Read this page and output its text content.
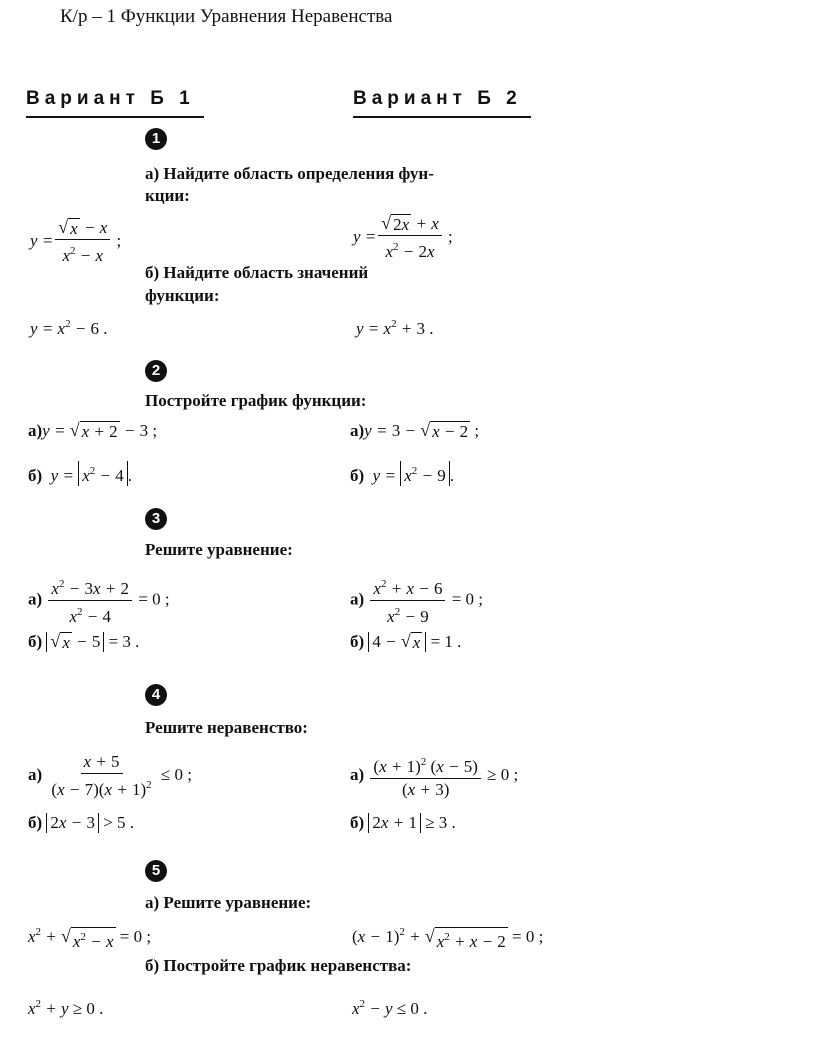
К/р – 1 Функции Уравнения Неравенства
Вариант Б 1	Вариант Б 2
1
а) Найдите область определения фун-
кции:
$y = \frac{√ x - x}{x^2 - x}$ ;	$y = \frac{√ 2x + x}{x^2 - 2x}$ ;
б) Найдите область значений
функции:
$y = x^2 - 6$ .	$y = x^2 + 3$ .
2
Постройте график функции:
а)y = √ x + 2 − 3 ;	а)y = 3 − √ x − 2 ;
б)  $y = x^2 - 4$ .	б)  $y = x^2 - 9$ .
3
Решите уравнение:
$а) \frac{x^2 - 3x + 2}{x^2 - 4} = 0$ ;	$а) \frac{x^2 + x - 6}{x^2 - 9} = 0$ ;
б) √ x − 5 = 3 .	б) 4 − √ x = 1 .
4
Решите неравенство:
$а) \frac{x + 5}{(x - 7)(x + 1)^2} \le 0$ ;	$а) \frac{(x + 1)^2 (x - 5)}{(x + 3)} \ge 0$ ;
б) 2x − 3 > 5 .	б) 2x + 1 ≥ 3 .
5
а) Решите уравнение:
$x^2$ + √ $x^2 - x = 0$ ;	$(x - 1)^2$ + √ $x^2 + x - 2 = 0$ ;
б) Постройте график неравенства:
$x^2 + y \ge 0$ .	$x^2 - y \le 0$ .
